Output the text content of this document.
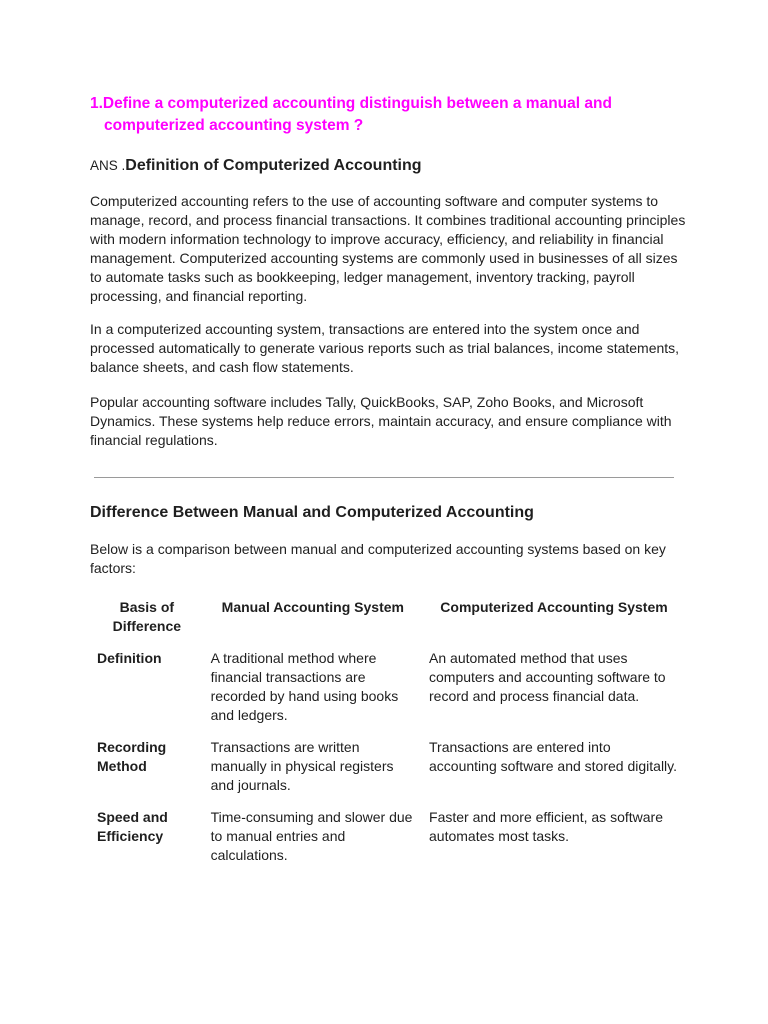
1.Define a computerized accounting distinguish between a manual and
computerized accounting system ?
ANS .Definition of Computerized Accounting

Computerized accounting refers to the use of accounting software and computer systems to manage, record, and process financial transactions. It combines traditional accounting principles with modern information technology to improve accuracy, efficiency, and reliability in financial management. Computerized accounting systems are commonly used in businesses of all sizes to automate tasks such as bookkeeping, ledger management, inventory tracking, payroll processing, and financial reporting.

In a computerized accounting system, transactions are entered into the system once and processed automatically to generate various reports such as trial balances, income statements, balance sheets, and cash flow statements.

Popular accounting software includes Tally, QuickBooks, SAP, Zoho Books, and Microsoft Dynamics. These systems help reduce errors, maintain accuracy, and ensure compliance with financial regulations.

Difference Between Manual and Computerized Accounting

Below is a comparison between manual and computerized accounting systems based on key factors:

Basis of Difference	Manual Accounting System	Computerized Accounting System
Definition	A traditional method where financial transactions are recorded by hand using books and ledgers.	An automated method that uses computers and accounting software to record and process financial data.
Recording Method	Transactions are written manually in physical registers and journals.	Transactions are entered into accounting software and stored digitally.
Speed and Efficiency	Time-consuming and slower due to manual entries and calculations.	Faster and more efficient, as software automates most tasks.
